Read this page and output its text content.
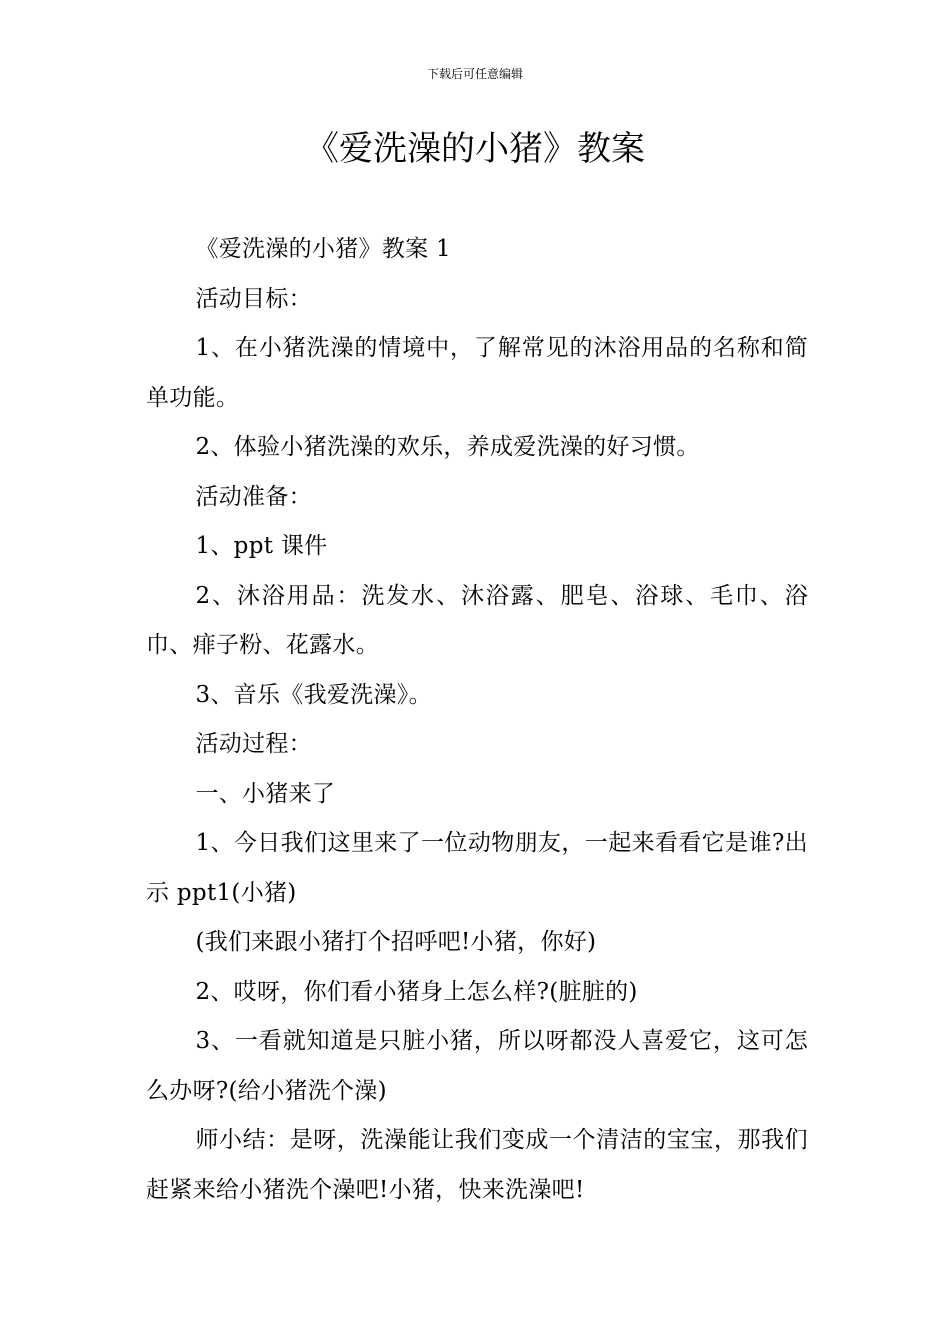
下载后可任意编辑
《爱洗澡的小猪》教案

《爱洗澡的小猪》教案 1

活动目标：

1、在小猪洗澡的情境中，了解常见的沐浴用品的名称和简单功能。

2、体验小猪洗澡的欢乐，养成爱洗澡的好习惯。

活动准备：

1、ppt 课件

2、沐浴用品：洗发水、沐浴露、肥皂、浴球、毛巾、浴巾、痱子粉、花露水。

3、音乐《我爱洗澡》。

活动过程：

一、小猪来了

1、今日我们这里来了一位动物朋友，一起来看看它是谁?出示 ppt1(小猪)

(我们来跟小猪打个招呼吧!小猪，你好)

2、哎呀，你们看小猪身上怎么样?(脏脏的)

3、一看就知道是只脏小猪，所以呀都没人喜爱它，这可怎么办呀?(给小猪洗个澡)

师小结：是呀，洗澡能让我们变成一个清洁的宝宝，那我们赶紧来给小猪洗个澡吧!小猪，快来洗澡吧!
